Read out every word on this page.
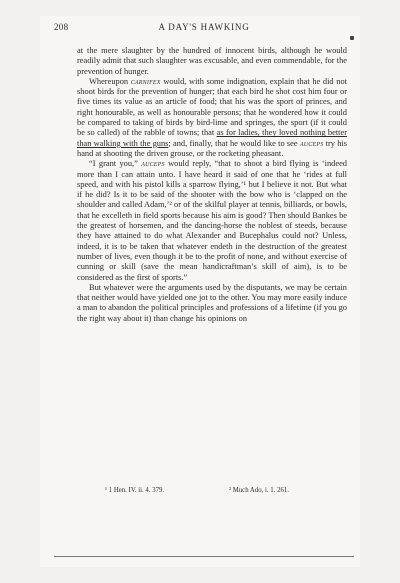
208	A DAY'S HAWKING

at the mere slaughter by the hundred of innocent birds, although he would readily admit that such slaughter was excusable, and even commendable, for the prevention of hunger.

Whereupon carnifex would, with some indignation, explain that he did not shoot birds for the prevention of hunger; that each bird he shot cost him four or five times its value as an article of food; that his was the sport of princes, and right honourable, as well as honourable persons; that he wondered how it could be compared to taking of birds by bird-lime and springes, the sport (if it could be so called) of the rabble of towns; that as for ladies, they loved nothing better than walking with the guns; and, finally, that he would like to see auceps try his hand at shooting the driven grouse, or the rocketing pheasant.

“I grant you,” auceps would reply, “that to shoot a bird flying is ‘indeed more than I can attain unto. I have heard it said of one that he ‘rides at full speed, and with his pistol kills a sparrow flying,’¹ but I believe it not. But what if he did? Is it to be said of the shooter with the bow who is ‘clapped on the shoulder and called Adam,’² or of the skilful player at tennis, billiards, or bowls, that he excelleth in field sports because his aim is good? Then should Bankes be the greatest of horsemen, and the dancing-horse the noblest of steeds, because they have attained to do what Alexander and Bucephalus could not? Unless, indeed, it is to be taken that whatever endeth in the destruction of the greatest number of lives, even though it be to the profit of none, and without exercise of cunning or skill (save the mean handicraftman’s skill of aim), is to be considered as the first of sports.”

But whatever were the arguments used by the disputants, we may be certain that neither would have yielded one jot to the other. You may more easily induce a man to abandon the political principles and professions of a lifetime (if you go the right way about it) than change his opinions on

¹ 1 Hen. IV. ii. 4. 379.	² Much Ado, i. 1. 261.
